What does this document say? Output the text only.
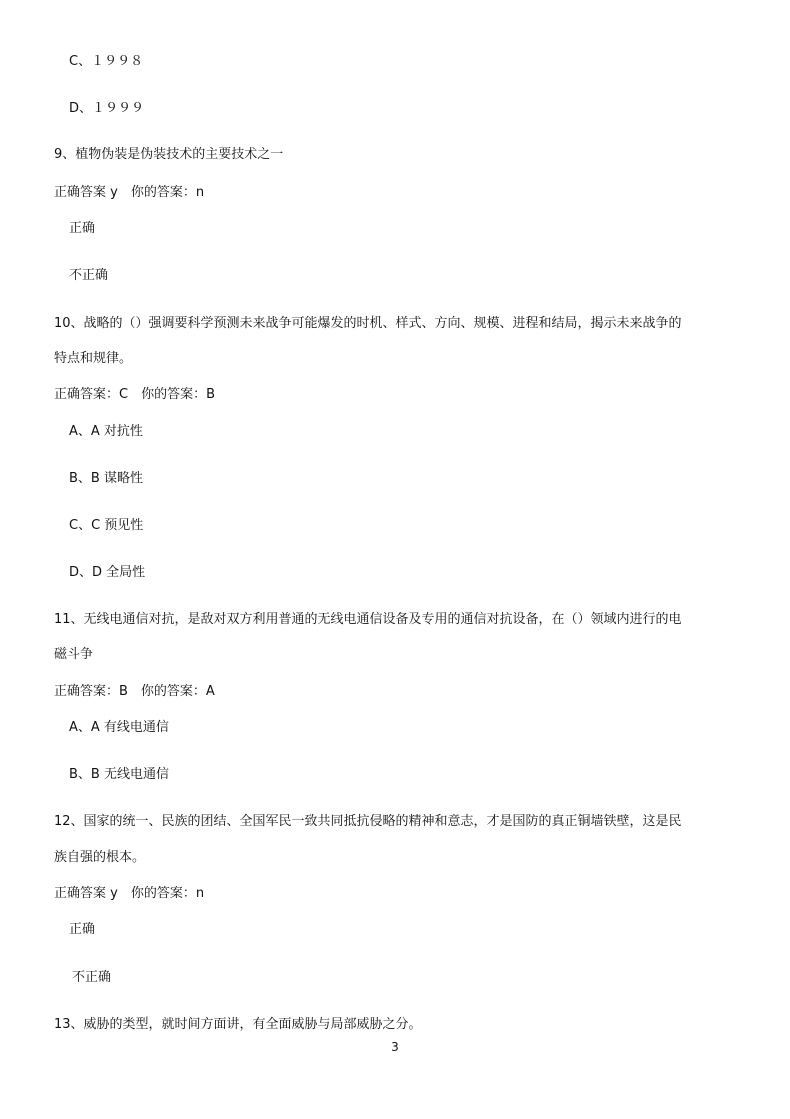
C、１９９８
D、１９９９
9、植物伪装是伪装技术的主要技术之一
正确答案 y　你的答案：n
正确
不正确
10、战略的（）强调要科学预测未来战争可能爆发的时机、样式、方向、规模、进程和结局，揭示未来战争的
特点和规律。
正确答案：C　你的答案：B
A、A 对抗性
B、B 谋略性
C、C 预见性
D、D 全局性
11、无线电通信对抗，是敌对双方利用普通的无线电通信设备及专用的通信对抗设备，在（）领域内进行的电
磁斗争
正确答案：B　你的答案：A
A、A 有线电通信
B、B 无线电通信
12、国家的统一、民族的团结、全国军民一致共同抵抗侵略的精神和意志，才是国防的真正铜墙铁壁，这是民
族自强的根本。
正确答案 y　你的答案：n
正确
不正确
13、威胁的类型，就时间方面讲，有全面威胁与局部威胁之分。
3
